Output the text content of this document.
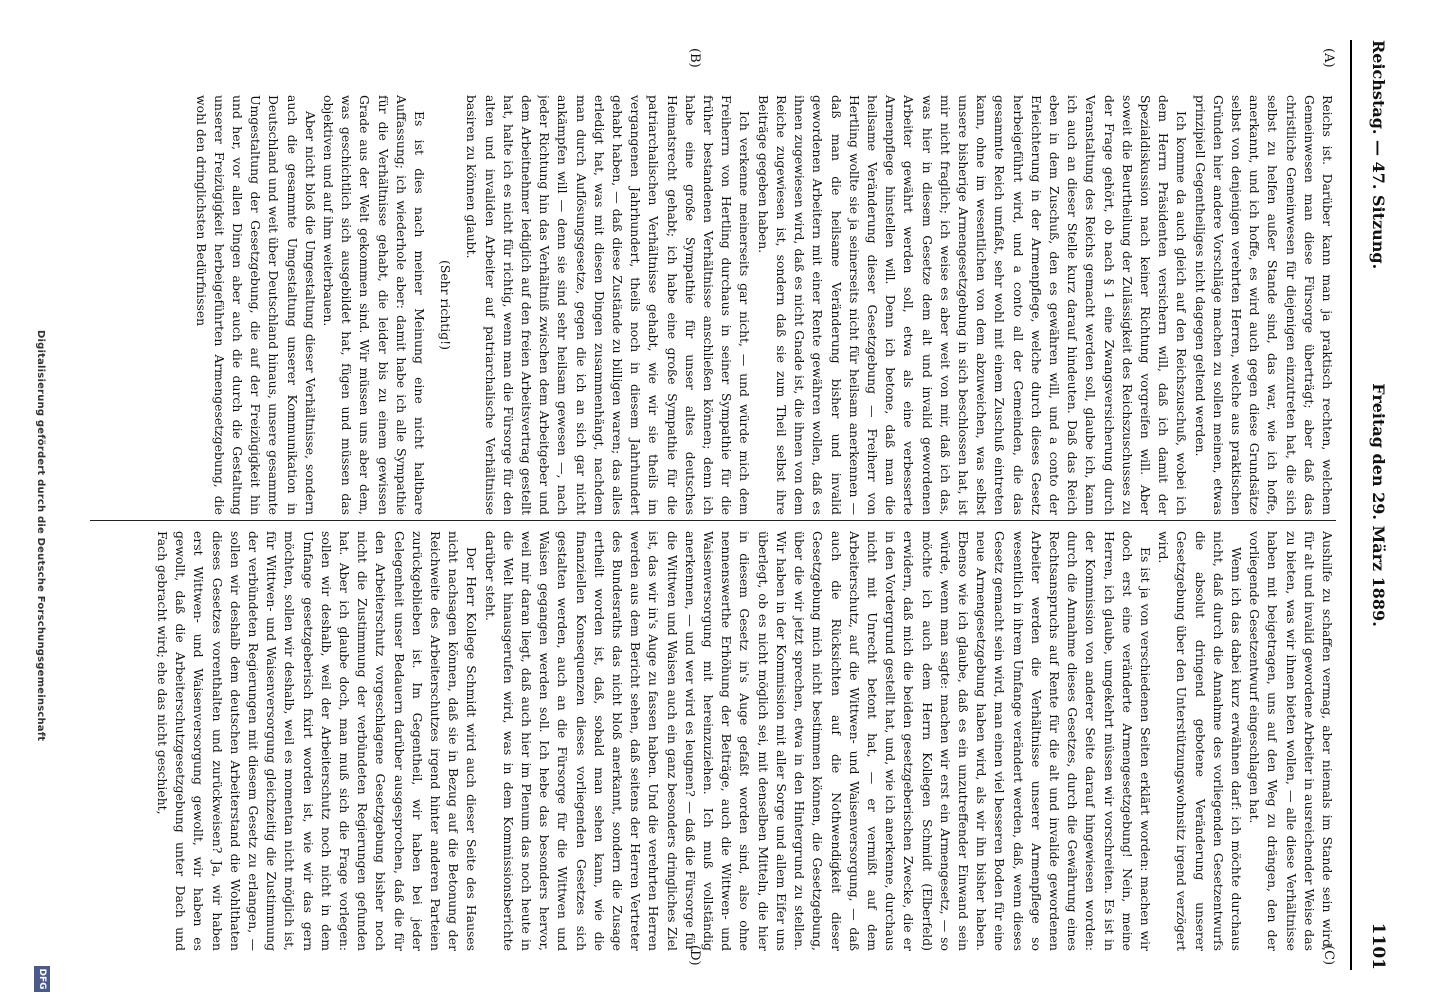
Reichstag. — 47. Sitzung.
Freitag den 29. März 1889.
1101
(A)
(B)
(C)
(D)

Reichs ist. Darüber kann man ja praktisch rechten, welchem Gemeinwesen man diese Fürsorge überträgt; aber daß das christliche Gemeinwesen für diejenigen einzutreten hat, die sich selbst zu helfen außer Stande sind, das war, wie ich hoffe, anerkannt, und ich hoffe, es wird auch gegen diese Grundsätze selbst von denjenigen verehrten Herren, welche aus praktischen Gründen hier andere Vorschläge machen zu sollen meinen, etwas prinzipiell Gegentheiliges nicht dagegen geltend werden.

Ich komme da auch gleich auf den Reichszuschuß, wobei ich dem Herrn Präsidenten versichern will, daß ich damit der Spezialdiskussion nach keiner Richtung vorgreifen will. Aber soweit die Beurtheilung der Zulässigkeit des Reichszuschusses zu der Frage gehört, ob nach § 1 eine Zwangsversicherung durch Veranstaltung des Reichs gemacht werden soll, glaube ich, kann ich auch an dieser Stelle kurz darauf hindeuten. Daß das Reich eben in dem Zuschuß, den es gewähren will, und a conto der Erleichterung in der Armenpflege, welche durch dieses Gesetz herbeigeführt wird, und a conto all der Gemeinden, die das gesammte Reich umfaßt, sehr wohl mit einem Zuschuß eintreten kann, ohne im wesentlichen von dem abzuweichen, was selbst unsere bisherige Armengesetzgebung in sich beschlossen hat, ist mir nicht fraglich; ich weise es aber weit von mir, daß ich das, was hier in diesem Gesetze dem alt und invalid gewordenen Arbeiter gewährt werden soll, etwa als eine verbesserte Armenpflege hinstellen will. Denn ich betone, daß man die heilsame Veränderung dieser Gesetzgebung — Freiherr von Hertling wollte sie ja seinerseits nicht für heilsam anerkennen — daß man die heilsame Veränderung bisher und invalid gewordenen Arbeitern mit einer Rente gewähren wollen, daß es ihnen zugewiesen wird, daß es nicht Gnade ist, die ihnen von dem Reiche zugewiesen ist, sondern daß sie zum Theil selbst ihre Beiträge gegeben haben.

Ich verkenne meinerseits gar nicht, — und würde mich dem Freiherrn von Hertling durchaus in seiner Sympathie für die früher bestandenen Verhältnisse anschließen können; denn ich habe eine große Sympathie für unser altes deutsches Heimatsrecht gehabt; ich habe eine große Sympathie für die patriarchalischen Verhältnisse gehabt, wie wir sie theils im vergangenen Jahrhundert, theils noch in diesem Jahrhundert gehabt haben, — daß diese Zustände zu billigen waren; das alles erledigt hat, was mit diesen Dingen zusammenhängt, nachdem man durch Auflösungsgesetze, gegen die ich an sich gar nicht ankämpfen will — denn sie sind sehr heilsam gewesen —, nach jeder Richtung hin das Verhältniß zwischen dem Arbeitgeber und dem Arbeitnehmer lediglich auf den freien Arbeitsvertrag gestellt hat, halte ich es nicht für richtig, wenn man die Fürsorge für den alten und invaliden Arbeiter auf patriarchalische Verhältnisse basiren zu können glaubt.

(Sehr richtig!)

Es ist dies nach meiner Meinung eine nicht haltbare Auffassung; ich wiederhole aber: damit habe ich alle Sympathie für die Verhältnisse gehabt, die leider bis zu einem gewissen Grade aus der Welt gekommen sind. Wir müssen uns aber dem, was geschichtlich sich ausgebildet hat, fügen und müssen das objektiven und auf ihm weiterbauen.

Aber nicht bloß die Umgestaltung dieser Verhältnisse, sondern auch die gesammte Umgestaltung unserer Kommunikation in Deutschland und weit über Deutschland hinaus, unsere gesammte Umgestaltung der Gesetzgebung, die auf der Freizügigkeit hin und her, vor allen Dingen aber auch die durch die Gestaltung unserer Freizügigkeit herbeigeführten Armengesetzgebung, die wohl den dringlichsten Bedürfnissen

Aushilfe zu schaffen vermag, aber niemals im Stande sein wird, für alt und invalid gewordene Arbeiter in ausreichender Weise das zu bieten, was wir ihnen bieten wollen, — alle diese Verhältnisse haben mit beigetragen, uns auf den Weg zu drängen, den der vorliegende Gesetzentwurf eingeschlagen hat.

Wenn ich das dabei kurz erwähnen darf: ich möchte durchaus nicht, daß durch die Annahme des vorliegenden Gesetzentwurfs die absolut dringend gebotene Veränderung unserer Gesetzgebung über den Unterstützungswohnsitz irgend verzögert wird.

Es ist ja von verschiedenen Seiten erklärt worden: machen wir doch erst eine veränderte Armengesetzgebung! Nein, meine Herren, ich glaube, umgekehrt müssen wir vorschreiten. Es ist in der Kommission von anderer Seite darauf hingewiesen worden: durch die Annahme dieses Gesetzes, durch die Gewährung eines Rechtsanspruchs auf Rente für die alt und invalide gewordenen Arbeiter werden die Verhältnisse unserer Armenpflege so wesentlich in ihrem Umfange verändert werden, daß, wenn dieses Gesetz gemacht sein wird, man einen viel besseren Boden für eine neue Armengesetzgebung haben wird, als wir ihn bisher haben. Ebenso wie ich glaube, daß es ein unzutreffender Einwand sein würde, wenn man sagte: machen wir erst ein Armengesetz, — so möchte ich auch dem Herrn Kollegen Schmidt (Elberfeld) erwidern, daß mich die beiden gesetzgeberischen Zwecke, die er in den Vordergrund gestellt hat, und, wie ich anerkenne, durchaus nicht mit Unrecht betont hat, — er vermißt auf dem Arbeiterschutz, auf die Wittwen- und Waisenversorgung, — daß auch die Rücksichten auf die Nothwendigkeit dieser Gesetzgebung mich nicht bestimmen können, die Gesetzgebung, über die wir jetzt sprechen, etwa in den Hintergrund zu stellen. Wir haben in der Kommission mit aller Sorge und allem Eifer uns überlegt, ob es nicht möglich sei, mit denselben Mitteln, die hier in diesem Gesetz in's Auge gefaßt worden sind, also ohne nennenswerthe Erhöhung der Beiträge, auch die Wittwen- und Waisenversorgung mit hereinzuziehen. Ich muß vollständig anerkennen, — und wer wird es leugnen? — daß die Fürsorge für die Wittwen und Waisen auch ein ganz besonders dringliches Ziel ist, das wir in's Auge zu fassen haben. Und die verehrten Herren werden aus dem Bericht sehen, daß seitens der Herren Vertreter des Bundesraths das nicht bloß anerkannt, sondern die Zusage ertheilt worden ist, daß, sobald man sehen kann, wie die finanziellen Konsequenzen dieses vorliegenden Gesetzes sich gestalten werden, auch an die Fürsorge für die Wittwen und Waisen gegangen werden soll. Ich hebe das besonders hervor, weil mir daran liegt, daß auch hier im Plenum das noch heute in die Welt hinausgerufen wird, was in dem Kommissionsberichte darüber steht.

Der Herr Kollege Schmidt wird auch dieser Seite des Hauses nicht nachsagen können, daß sie in Bezug auf die Betonung der Reichweite des Arbeiterschutzes irgend hinter anderen Parteien zurückgeblieben ist. Im Gegentheil, wir haben bei jeder Gelegenheit unser Bedauern darüber ausgesprochen, daß die für den Arbeiterschutz vorgeschlagene Gesetzgebung bisher noch nicht die Zustimmung der verbündeten Regierungen gefunden hat. Aber ich glaube doch, man muß sich die Frage vorlegen: sollen wir deshalb, weil der Arbeiterschutz noch nicht in dem Umfange gesetzgeberisch fixirt worden ist, wie wir das gern möchten, sollen wir deshalb, weil es momentan nicht möglich ist, für Wittwen- und Waisenversorgung gleichzeitig die Zustimmung der verbündeten Regierungen mit diesem Gesetz zu erlangen, — sollen wir deshalb dem deutschen Arbeiterstand die Wohlthaten dieses Gesetzes vorenthalten und zurückweisen? Ja, wir haben erst Wittwen- und Waisenversorgung gewollt, wir haben es gewollt, daß die Arbeiterschutzgesetzgebung unter Dach und Fach gebracht wird; ehe das nicht geschieht,

Digitalisierung gefördert durch die Deutsche Forschungsgemeinschaft
DFG
